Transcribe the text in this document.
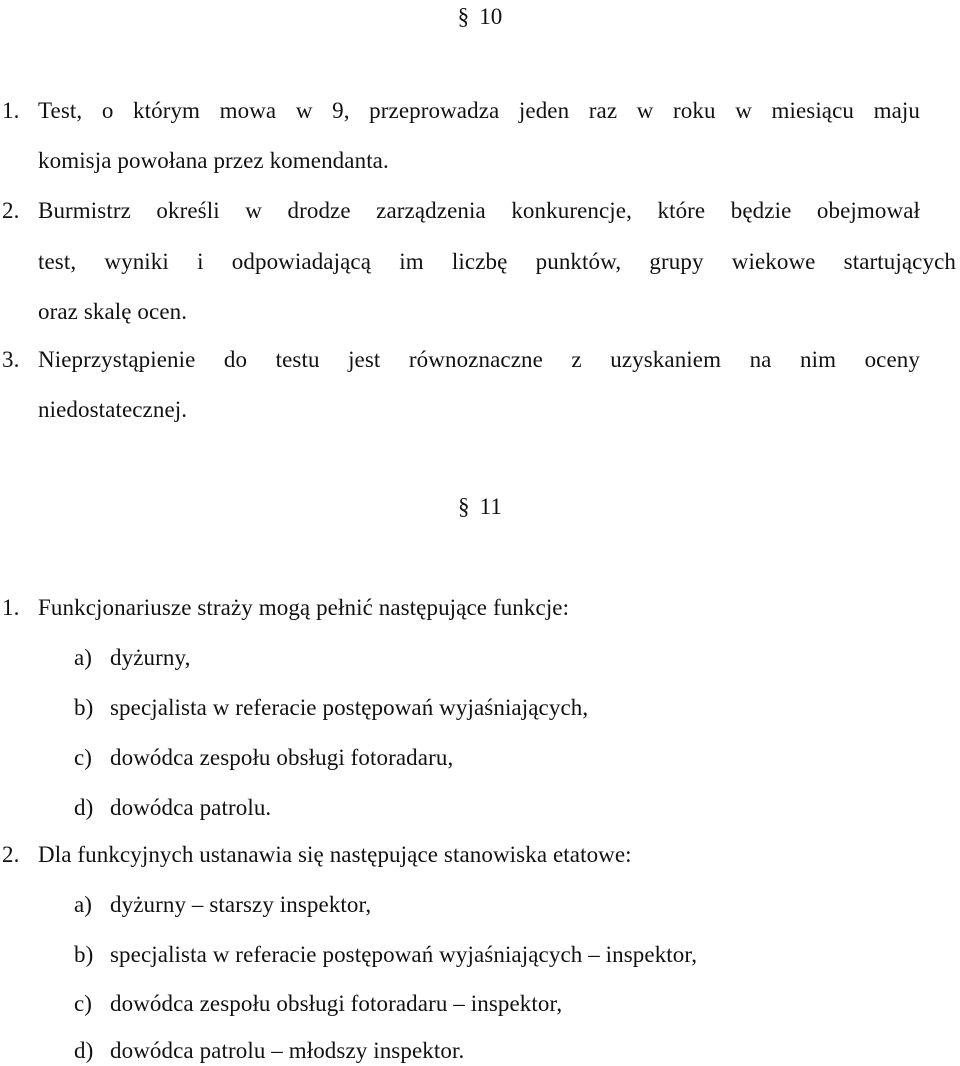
§ 10
1. Test, o którym mowa w 9, przeprowadza jeden raz w roku w miesiącu maju
komisja powołana przez komendanta.
2. Burmistrz określi w drodze zarządzenia konkurencje, które będzie obejmował
test, wyniki i odpowiadającą im liczbę punktów, grupy wiekowe startujących
oraz skalę ocen.
3. Nieprzystąpienie do testu jest równoznaczne z uzyskaniem na nim oceny
niedostatecznej.
§ 11
1. Funkcjonariusze straży mogą pełnić następujące funkcje:
a) dyżurny,
b) specjalista w referacie postępowań wyjaśniających,
c) dowódca zespołu obsługi fotoradaru,
d) dowódca patrolu.
2. Dla funkcyjnych ustanawia się następujące stanowiska etatowe:
a) dyżurny – starszy inspektor,
b) specjalista w referacie postępowań wyjaśniających – inspektor,
c) dowódca zespołu obsługi fotoradaru – inspektor,
d) dowódca patrolu – młodszy inspektor.
